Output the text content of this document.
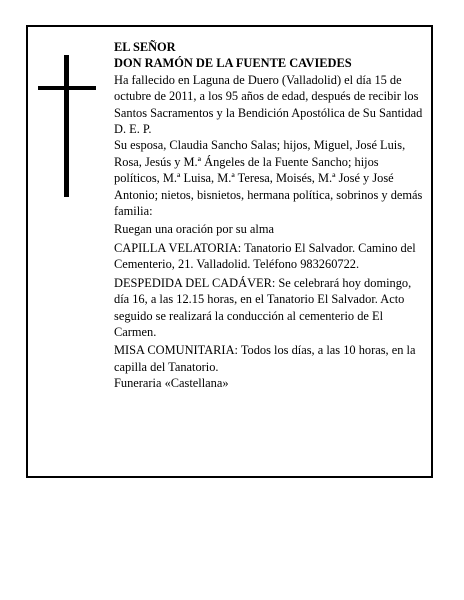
EL SEÑOR

DON RAMÓN DE LA FUENTE CAVIEDES

Ha fallecido en Laguna de Duero (Valladolid) el día 15 de octubre de 2011, a los 95 años de edad, después de recibir los Santos Sacramentos y la Bendición Apostólica de Su Santidad

D. E. P.

Su esposa, Claudia Sancho Salas; hijos, Miguel, José Luis, Rosa, Jesús y M.ª Ángeles de la Fuente Sancho; hijos políticos, M.ª Luisa, M.ª Teresa, Moisés, M.ª José y José Antonio; nietos, bisnietos, hermana política, sobrinos y demás familia:

Ruegan una oración por su alma

CAPILLA VELATORIA: Tanatorio El Salvador. Camino del Cementerio, 21. Valladolid. Teléfono 983260722.

DESPEDIDA DEL CADÁVER: Se celebrará hoy domingo, día 16, a las 12.15 horas, en el Tanatorio El Salvador. Acto seguido se realizará la conducción al cementerio de El Carmen.

MISA COMUNITARIA: Todos los días, a las 10 horas, en la capilla del Tanatorio.

Funeraria «Castellana»
